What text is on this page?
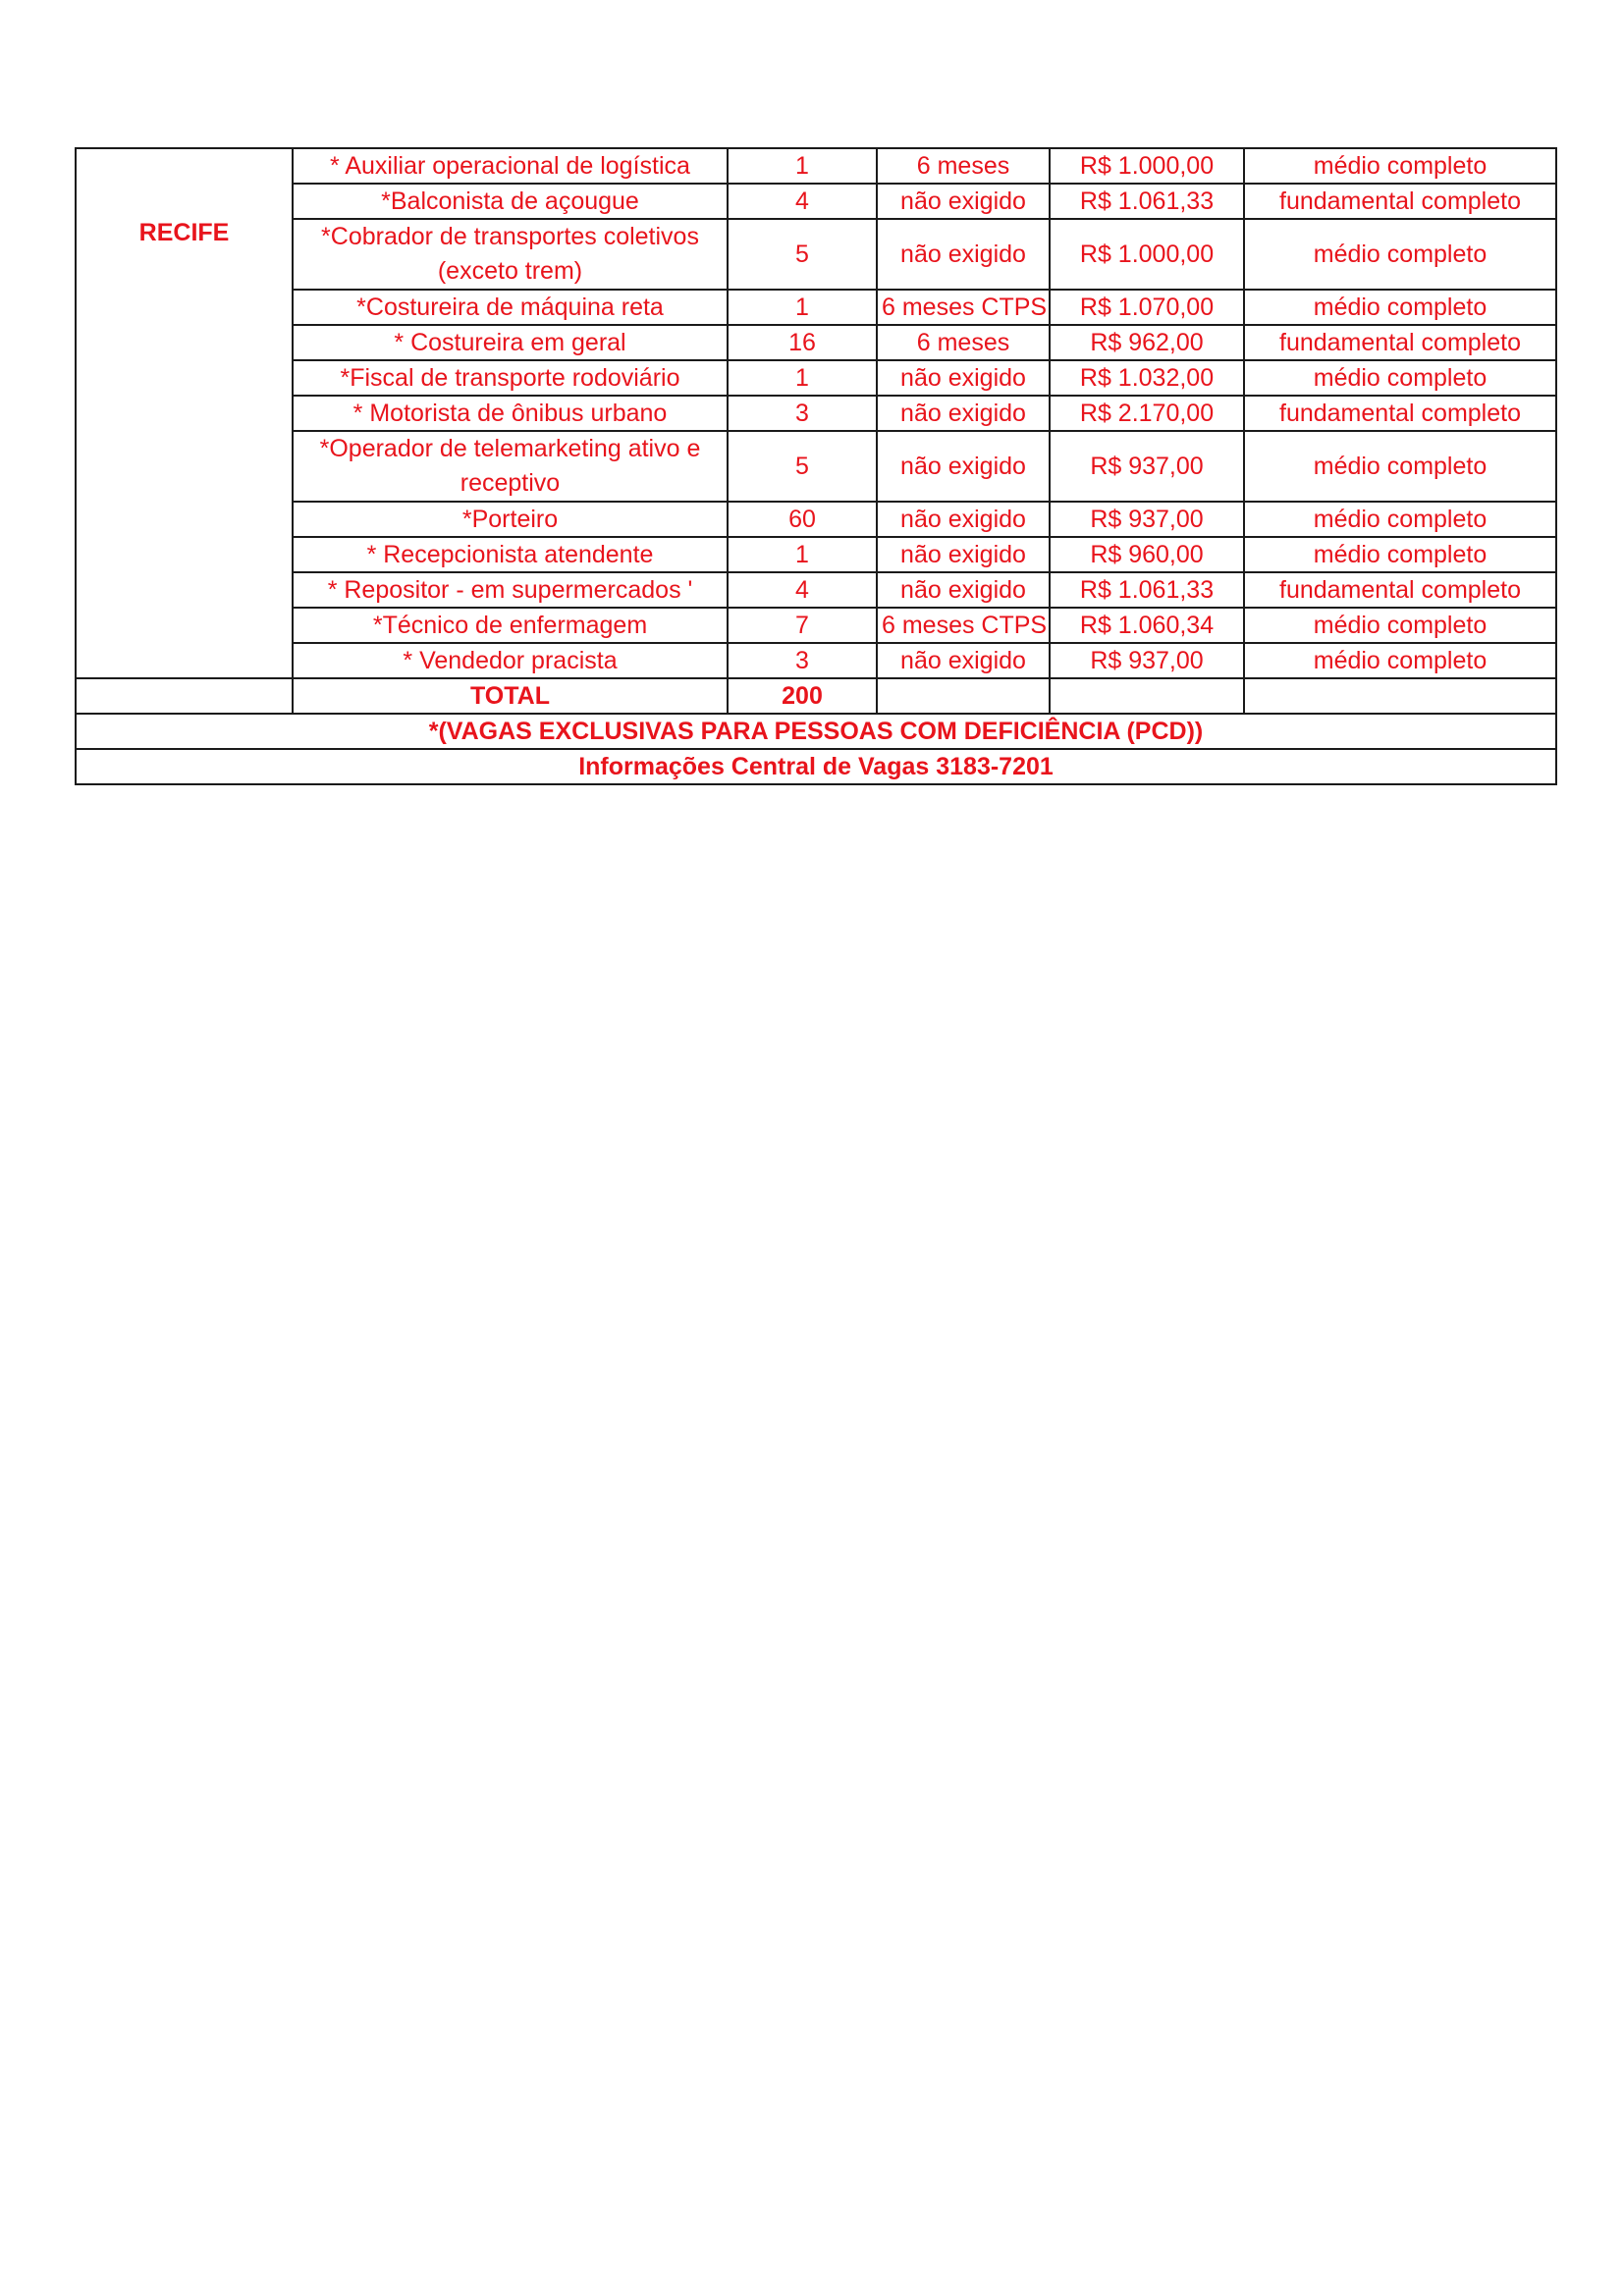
RECIFE	* Auxiliar operacional de logística	1	6 meses	R$ 1.000,00	médio completo
	*Balconista de açougue	4	não exigido	R$ 1.061,33	fundamental completo
	*Cobrador de transportes coletivos (exceto trem)	5	não exigido	R$ 1.000,00	médio completo
	*Costureira de máquina reta	1	6 meses CTPS	R$ 1.070,00	médio completo
	* Costureira em geral	16	6 meses	R$ 962,00	fundamental completo
	*Fiscal de transporte rodoviário	1	não exigido	R$ 1.032,00	médio completo
	* Motorista de ônibus urbano	3	não exigido	R$ 2.170,00	fundamental completo
	*Operador de telemarketing ativo e receptivo	5	não exigido	R$ 937,00	médio completo
	*Porteiro	60	não exigido	R$ 937,00	médio completo
	* Recepcionista atendente	1	não exigido	R$ 960,00	médio completo
	* Repositor - em supermercados '	4	não exigido	R$ 1.061,33	fundamental completo
	*Técnico de enfermagem	7	6 meses CTPS	R$ 1.060,34	médio completo
	* Vendedor pracista	3	não exigido	R$ 937,00	médio completo
	TOTAL	200			
*(VAGAS EXCLUSIVAS PARA PESSOAS COM DEFICIÊNCIA (PCD))					
Informações Central de Vagas 3183-7201					
